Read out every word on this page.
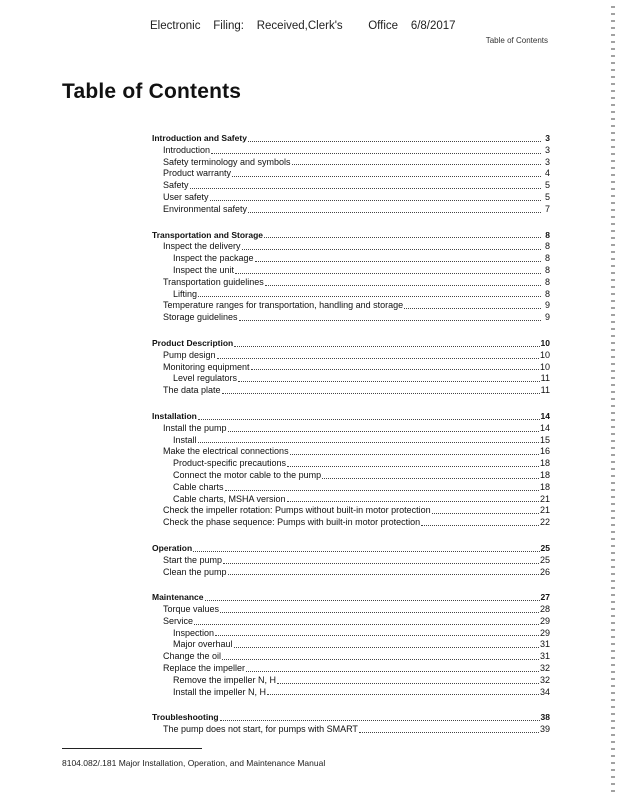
Electronic    Filing:    Received,Clerk's        Office    6/8/2017
Table of Contents
Table of Contents
Introduction and Safety	3
Introduction	3
Safety terminology and symbols	3
Product warranty	4
Safety	5
User safety	5
Environmental safety	7
Transportation and Storage	8
Inspect the delivery	8
Inspect the package	8
Inspect the unit	8
Transportation guidelines	8
Lifting	8
Temperature ranges for transportation, handling and storage	9
Storage guidelines	9
Product Description	10
Pump design	10
Monitoring equipment	10
Level regulators	11
The data plate	11
Installation	14
Install the pump	14
Install	15
Make the electrical connections	16
Product-specific precautions	18
Connect the motor cable to the pump	18
Cable charts	18
Cable charts, MSHA version	21
Check the impeller rotation: Pumps without built-in motor protection	21
Check the phase sequence: Pumps with built-in motor protection	22
Operation	25
Start the pump	25
Clean the pump	26
Maintenance	27
Torque values	28
Service	29
Inspection	29
Major overhaul	31
Change the oil	31
Replace the impeller	32
Remove the impeller N, H	32
Install the impeller N, H	34
Troubleshooting	38
The pump does not start, for pumps with SMART	39
8104.082/.181 Major Installation, Operation, and Maintenance Manual
